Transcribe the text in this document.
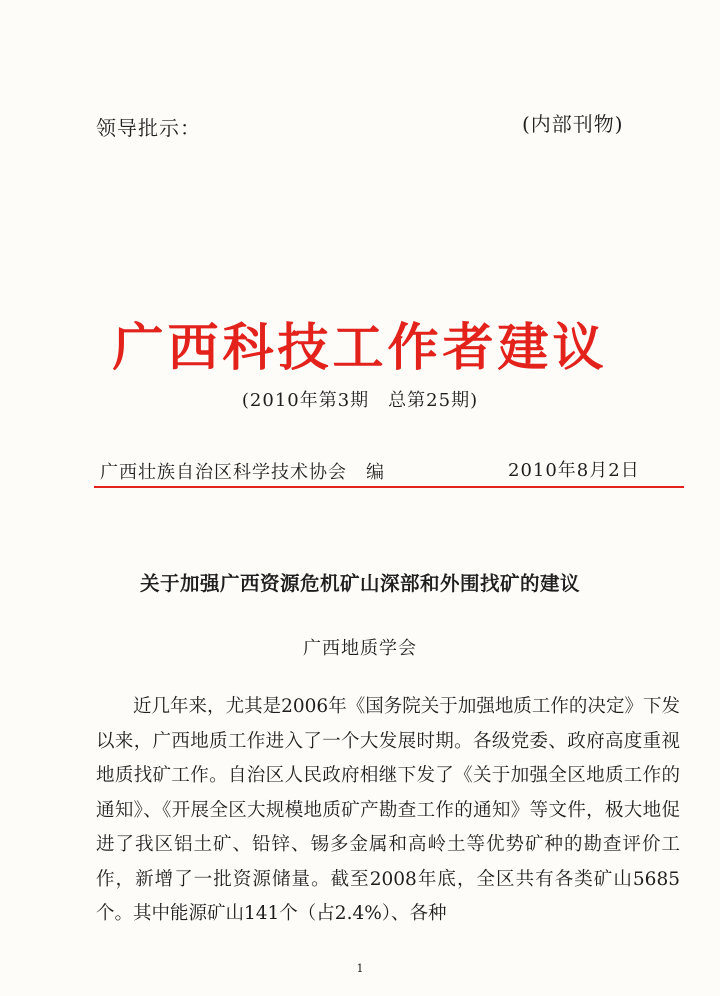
领导批示：	(内部刊物)
广西科技工作者建议
(2010年第3期　总第25期)
广西壮族自治区科学技术协会　编	2010年8月2日
关于加强广西资源危机矿山深部和外围找矿的建议
广西地质学会

近几年来，尤其是2006年《国务院关于加强地质工作的决定》下发以来，广西地质工作进入了一个大发展时期。各级党委、政府高度重视地质找矿工作。自治区人民政府相继下发了《关于加强全区地质工作的通知》、《开展全区大规模地质矿产勘查工作的通知》等文件，极大地促进了我区铝土矿、铅锌、锡多金属和高岭土等优势矿种的勘查评价工作，新增了一批资源储量。截至2008年底，全区共有各类矿山5685个。其中能源矿山141个（占2.4%）、各种

1
